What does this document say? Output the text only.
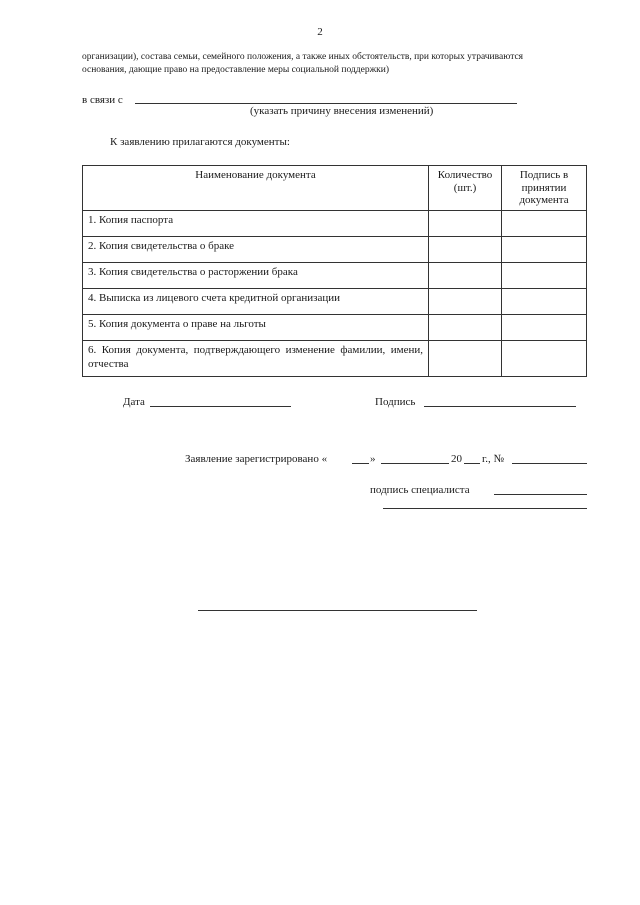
2
организации), состава семьи, семейного положения, а также иных обстоятельств, при которых утрачиваются
основания, дающие право на предоставление меры социальной поддержки)
в связи с
(указать причину внесения изменений)
К заявлению прилагаются документы:
Наименование документа	Количество (шт.)	Подпись в принятии документа
1. Копия паспорта		
2. Копия свидетельства о браке		
3. Копия свидетельства о расторжении брака		
4. Выписка из лицевого счета кредитной организации		
5. Копия документа о праве на льготы		
6. Копия документа, подтверждающего изменение фамилии, имени, отчества		
Дата	Подпись
Заявление зарегистрировано «	»	20 г., №
подпись специалиста
